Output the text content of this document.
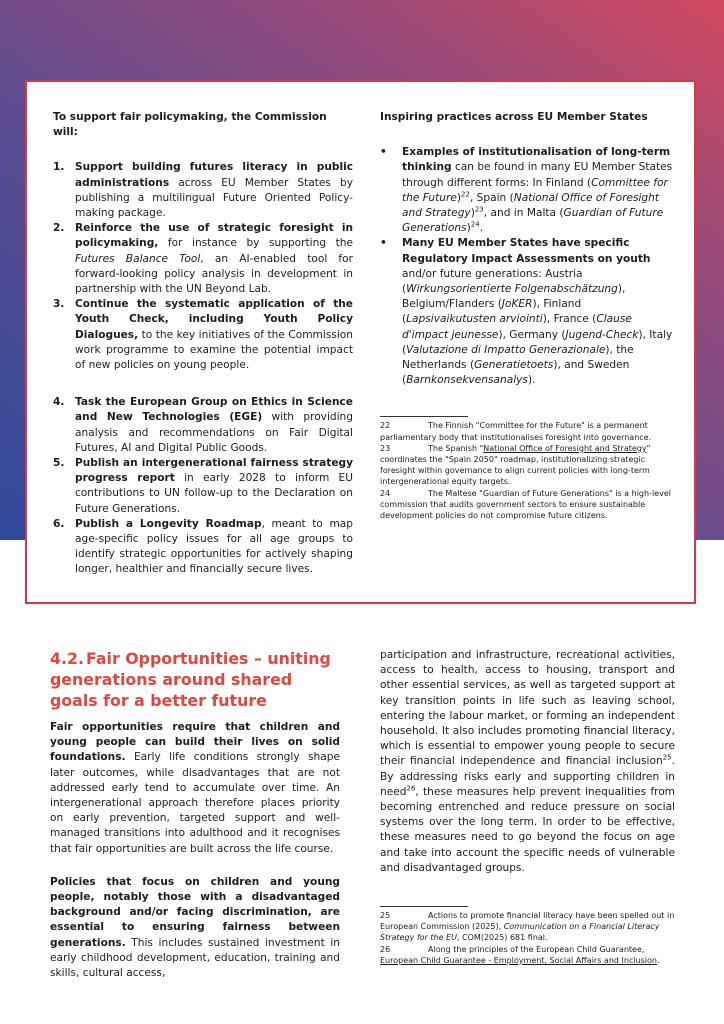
To support fair policymaking, the Commission will:

1. Support building futures literacy in public administrations across EU Member States by publishing a multilingual Future Oriented Policy-making package.
2. Reinforce the use of strategic foresight in policymaking, for instance by supporting the Futures Balance Tool, an AI-enabled tool for forward-looking policy analysis in development in partnership with the UN Beyond Lab.
3. Continue the systematic application of the Youth Check, including Youth Policy Dialogues, to the key initiatives of the Commission work programme to examine the potential impact of new policies on young people.
4. Task the European Group on Ethics in Science and New Technologies (EGE) with providing analysis and recommendations on Fair Digital Futures, AI and Digital Public Goods.
5. Publish an intergenerational fairness strategy progress report in early 2028 to inform EU contributions to UN follow-up to the Declaration on Future Generations.
6. Publish a Longevity Roadmap, meant to map age-specific policy issues for all age groups to identify strategic opportunities for actively shaping longer, healthier and financially secure lives.

Inspiring practices across EU Member States

• Examples of institutionalisation of long-term thinking can be found in many EU Member States through different forms: In Finland (Committee for the Future)$^{22}$, Spain (National Office of Foresight and Strategy)$^{23}$, and in Malta (Guardian of Future Generations)$^{24}$.
• Many EU Member States have specific Regulatory Impact Assessments on youth and/or future generations: Austria (Wirkungsorientierte Folgenabschätzung), Belgium/Flanders (JoKER), Finland (Lapsivaikutusten arviointi), France (Clause d'impact jeunesse), Germany (Jugend-Check), Italy (Valutazione di Impatto Generazionale), the Netherlands (Generatietoets), and Sweden (Barnkonsekvensanalys).
22	The Finnish "Committee for the Future" is a permanent parliamentary body that institutionalises foresight into governance.
23	The Spanish "National Office of Foresight and Strategy" coordinates the "Spain 2050" roadmap, institutionalizing strategic foresight within governance to align current policies with long-term intergenerational equity targets.
24	The Maltese "Guardian of Future Generations" is a high-level commission that audits government sectors to ensure sustainable development policies do not compromise future citizens.
4.2. Fair Opportunities – uniting generations around shared goals for a better future

Fair opportunities require that children and young people can build their lives on solid foundations. Early life conditions strongly shape later outcomes, while disadvantages that are not addressed early tend to accumulate over time. An intergenerational approach therefore places priority on early prevention, targeted support and well-managed transitions into adulthood and it recognises that fair opportunities are built across the life course.

Policies that focus on children and young people, notably those with a disadvantaged background and/or facing discrimination, are essential to ensuring fairness between generations. This includes sustained investment in early childhood development, education, training and skills, cultural access,

participation and infrastructure, recreational activities, access to health, access to housing, transport and other essential services, as well as targeted support at key transition points in life such as leaving school, entering the labour market, or forming an independent household. It also includes promoting financial literacy, which is essential to empower young people to secure their financial independence and financial inclusion$^{25}$. By addressing risks early and supporting children in need$^{26}$, these measures help prevent inequalities from becoming entrenched and reduce pressure on social systems over the long term. In order to be effective, these measures need to go beyond the focus on age and take into account the specific needs of vulnerable and disadvantaged groups.
25	Actions to promote financial literacy have been spelled out in European Commission (2025), Communication on a Financial Literacy Strategy for the EU, COM(2025) 681 final.
26	Along the principles of the European Child Guarantee, European Child Guarantee - Employment, Social Affairs and Inclusion.
